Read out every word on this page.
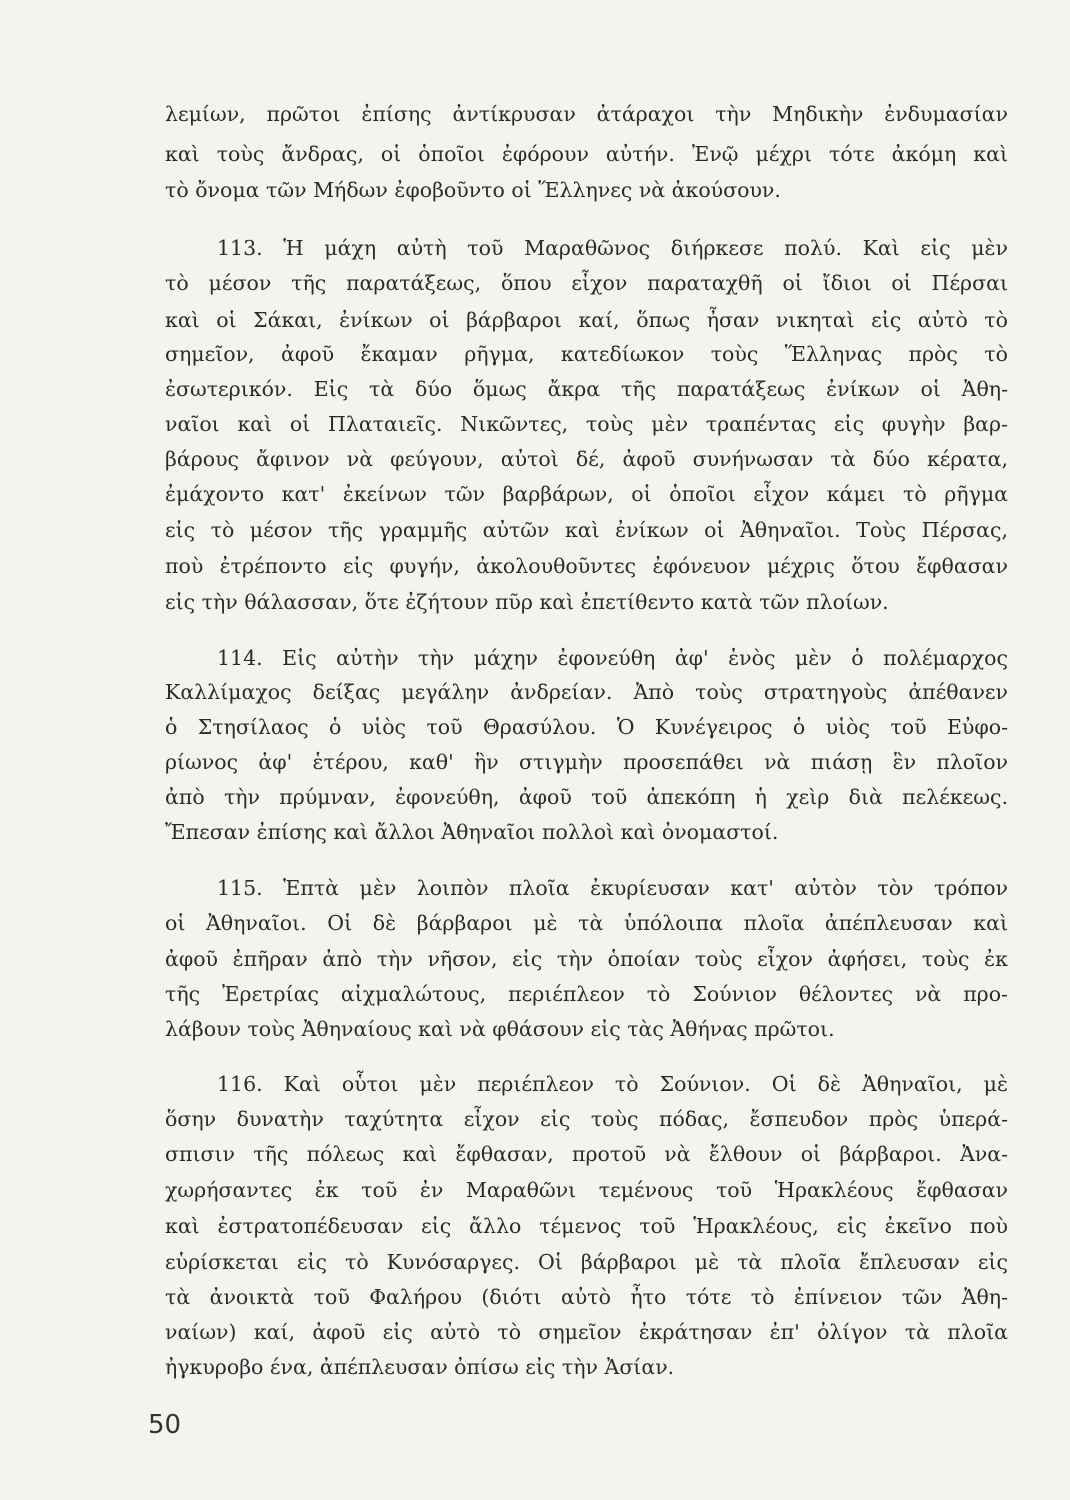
λεμίων, πρῶτοι ἐπίσης ἀντίκρυσαν ἀτάραχοι τὴν Μηδικὴν ἐνδυμασίαν
καὶ τοὺς ἄνδρας, οἱ ὁποῖοι ἐφόρουν αὐτήν. Ἐνῷ μέχρι τότε ἀκόμη καὶ
τὸ ὄνομα τῶν Μήδων ἐφοβοῦντο οἱ Ἕλληνες νὰ ἀκούσουν.
113. Ἡ μάχη αὐτὴ τοῦ Μαραθῶνος διήρκεσε πολύ. Καὶ εἰς μὲν
τὸ μέσον τῆς παρατάξεως, ὅπου εἶχον παραταχθῆ οἱ ἴδιοι οἱ Πέρσαι
καὶ οἱ Σάκαι, ἐνίκων οἱ βάρβαροι καί, ὅπως ἦσαν νικηταὶ εἰς αὐτὸ τὸ
σημεῖον, ἀφοῦ ἔκαμαν ρῆγμα, κατεδίωκον τοὺς Ἕλληνας πρὸς τὸ
ἐσωτερικόν. Εἰς τὰ δύο ὅμως ἄκρα τῆς παρατάξεως ἐνίκων οἱ Ἀθη-
ναῖοι καὶ οἱ Πλαταιεῖς. Νικῶντες, τοὺς μὲν τραπέντας εἰς φυγὴν βαρ-
βάρους ἄφινον νὰ φεύγουν, αὐτοὶ δέ, ἀφοῦ συνήνωσαν τὰ δύο κέρατα,
ἐμάχοντο κατ' ἐκείνων τῶν βαρβάρων, οἱ ὁποῖοι εἶχον κάμει τὸ ρῆγμα
εἰς τὸ μέσον τῆς γραμμῆς αὐτῶν καὶ ἐνίκων οἱ Ἀθηναῖοι. Τοὺς Πέρσας,
ποὺ ἐτρέποντο εἰς φυγήν, ἀκολουθοῦντες ἐφόνευον μέχρις ὅτου ἔφθασαν
εἰς τὴν θάλασσαν, ὅτε ἐζήτουν πῦρ καὶ ἐπετίθεντο κατὰ τῶν πλοίων.
114. Εἰς αὐτὴν τὴν μάχην ἐφονεύθη ἀφ' ἑνὸς μὲν ὁ πολέμαρχος
Καλλίμαχος δείξας μεγάλην ἀνδρείαν. Ἀπὸ τοὺς στρατηγοὺς ἀπέθανεν
ὁ Στησίλαος ὁ υἱὸς τοῦ Θρασύλου. Ὁ Κυνέγειρος ὁ υἱὸς τοῦ Εὐφο-
ρίωνος ἀφ' ἑτέρου, καθ' ἣν στιγμὴν προσεπάθει νὰ πιάσῃ ἓν πλοῖον
ἀπὸ τὴν πρύμναν, ἐφονεύθη, ἀφοῦ τοῦ ἀπεκόπη ἡ χεὶρ διὰ πελέκεως.
Ἔπεσαν ἐπίσης καὶ ἄλλοι Ἀθηναῖοι πολλοὶ καὶ ὀνομαστοί.
115. Ἑπτὰ μὲν λοιπὸν πλοῖα ἐκυρίευσαν κατ' αὐτὸν τὸν τρόπον
οἱ Ἀθηναῖοι. Οἱ δὲ βάρβαροι μὲ τὰ ὑπόλοιπα πλοῖα ἀπέπλευσαν καὶ
ἀφοῦ ἐπῆραν ἀπὸ τὴν νῆσον, εἰς τὴν ὁποίαν τοὺς εἶχον ἀφήσει, τοὺς ἐκ
τῆς Ἐρετρίας αἰχμαλώτους, περιέπλεον τὸ Σούνιον θέλοντες νὰ προ-
λάβουν τοὺς Ἀθηναίους καὶ νὰ φθάσουν εἰς τὰς Ἀθήνας πρῶτοι.
116. Καὶ οὗτοι μὲν περιέπλεον τὸ Σούνιον. Οἱ δὲ Ἀθηναῖοι, μὲ
ὅσην δυνατὴν ταχύτητα εἶχον εἰς τοὺς πόδας, ἔσπευδον πρὸς ὑπερά-
σπισιν τῆς πόλεως καὶ ἔφθασαν, προτοῦ νὰ ἔλθουν οἱ βάρβαροι. Ἀνα-
χωρήσαντες ἐκ τοῦ ἐν Μαραθῶνι τεμένους τοῦ Ἡρακλέους ἔφθασαν
καὶ ἐστρατοπέδευσαν εἰς ἄλλο τέμενος τοῦ Ἡρακλέους, εἰς ἐκεῖνο ποὺ
εὑρίσκεται εἰς τὸ Κυνόσαργες. Οἱ βάρβαροι μὲ τὰ πλοῖα ἔπλευσαν εἰς
τὰ ἀνοικτὰ τοῦ Φαλήρου (διότι αὐτὸ ἦτο τότε τὸ ἐπίνειον τῶν Ἀθη-
ναίων) καί, ἀφοῦ εἰς αὐτὸ τὸ σημεῖον ἐκράτησαν ἐπ' ὀλίγον τὰ πλοῖα
ἠγκυροβο ένα, ἀπέπλευσαν ὀπίσω εἰς τὴν Ἀσίαν.
50
